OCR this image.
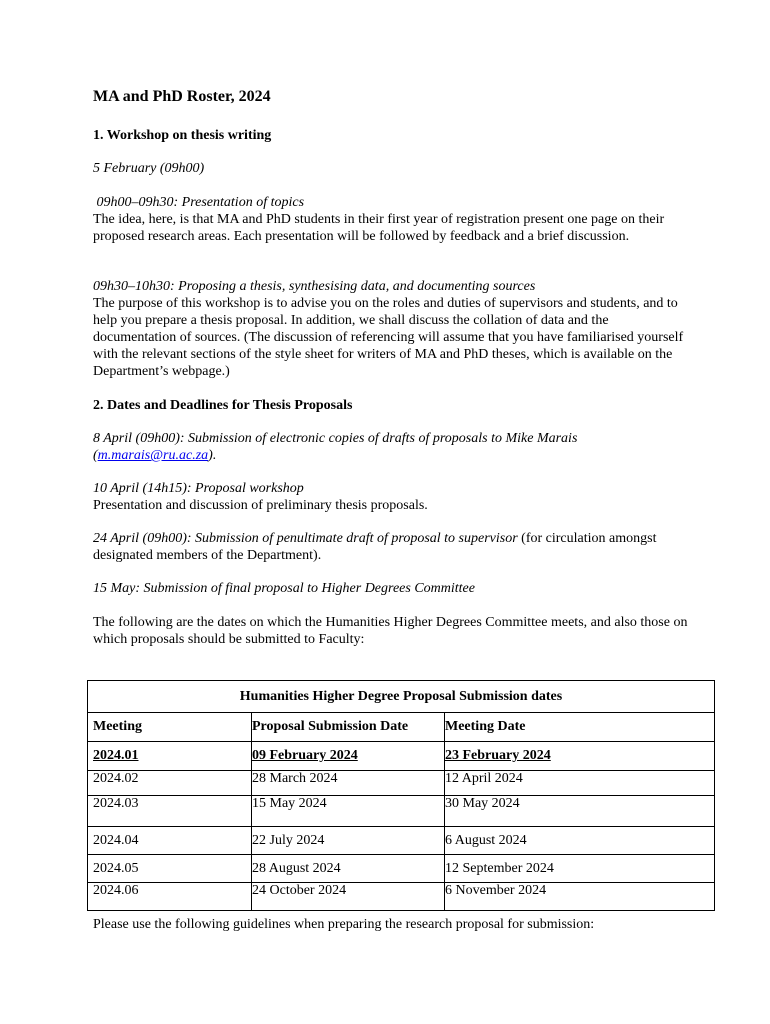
MA and PhD Roster, 2024
1. Workshop on thesis writing
5 February (09h00)
09h00–09h30: Presentation of topics
The idea, here, is that MA and PhD students in their first year of registration present one page on their proposed research areas. Each presentation will be followed by feedback and a brief discussion.
09h30–10h30: Proposing a thesis, synthesising data, and documenting sources
The purpose of this workshop is to advise you on the roles and duties of supervisors and students, and to help you prepare a thesis proposal. In addition, we shall discuss the collation of data and the documentation of sources. (The discussion of referencing will assume that you have familiarised yourself with the relevant sections of the style sheet for writers of MA and PhD theses, which is available on the Department’s webpage.)
2. Dates and Deadlines for Thesis Proposals
8 April (09h00): Submission of electronic copies of drafts of proposals to Mike Marais (m.marais@ru.ac.za).
10 April (14h15): Proposal workshop
Presentation and discussion of preliminary thesis proposals.
24 April (09h00): Submission of penultimate draft of proposal to supervisor (for circulation amongst designated members of the Department).
15 May: Submission of final proposal to Higher Degrees Committee
The following are the dates on which the Humanities Higher Degrees Committee meets, and also those on which proposals should be submitted to Faculty:
Humanities Higher Degree Proposal Submission dates		
Meeting	Proposal Submission Date	Meeting Date
2024.01	09 February 2024	23 February 2024
2024.02	28 March 2024	12 April 2024
2024.03	15 May 2024	30 May 2024
2024.04	22 July 2024	6 August 2024
2024.05	28 August 2024	12 September 2024
2024.06	24 October 2024	6 November 2024
Please use the following guidelines when preparing the research proposal for submission:
